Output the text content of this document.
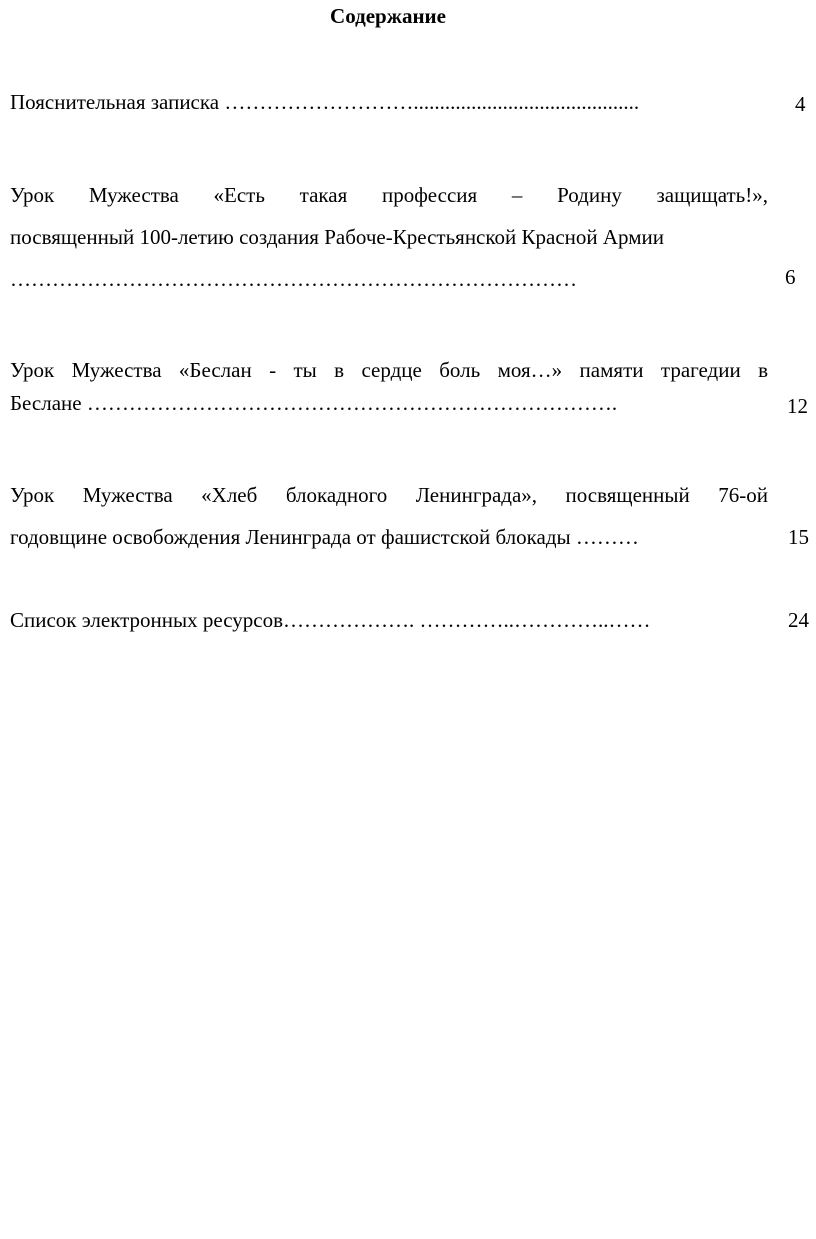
Содержание
Пояснительная записка ………………………...........................................	4
Урок Мужества «Есть такая профессия – Родину защищать!»,
посвященный 100-летию создания Рабоче-Крестьянской Красной Армии
………………………………………………………………………	6
Урок Мужества «Беслан - ты в сердце боль моя…» памяти трагедии в
Беслане ………………………………………………………………….	12
Урок Мужества «Хлеб блокадного Ленинграда», посвященный 76-ой
годовщине освобождения Ленинграда от фашистской блокады ………	15
Список электронных ресурсов………………. …………..…………..……	24
